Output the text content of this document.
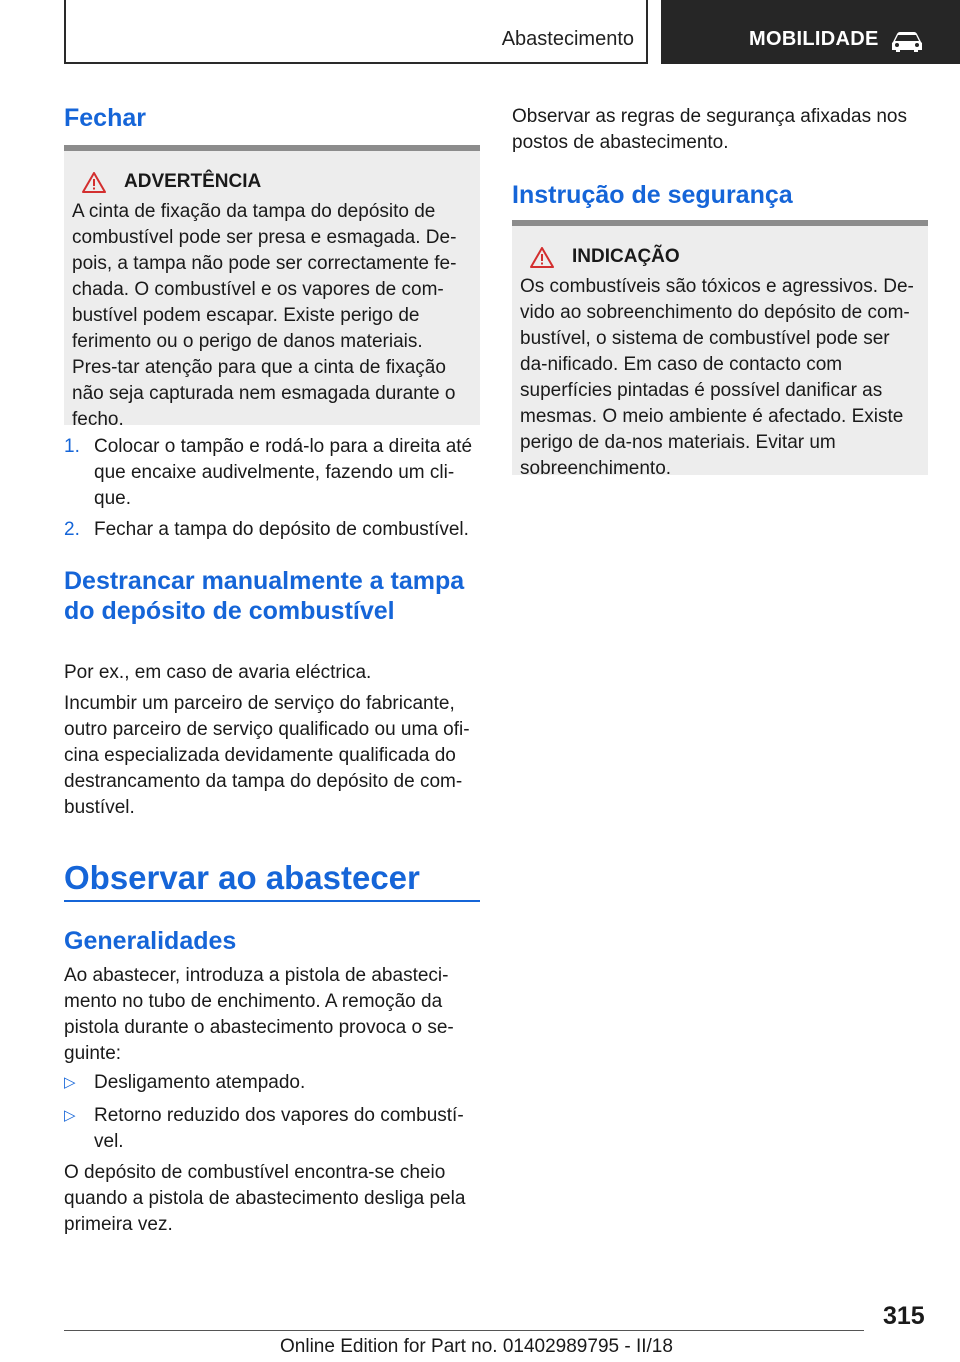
Abastecimento	MOBILIDADE
Fechar
ADVERTÊNCIA

A cinta de fixação da tampa do depósito de combustível pode ser presa e esmagada. De-pois, a tampa não pode ser correctamente fe-chada. O combustível e os vapores de com-bustível podem escapar. Existe perigo de ferimento ou o perigo de danos materiais. Pres-tar atenção para que a cinta de fixação não seja capturada nem esmagada durante o fecho.

1. Colocar o tampão e rodá-lo para a direita até que encaixe audivelmente, fazendo um cli-que.
2. Fechar a tampa do depósito de combustível.
Destrancar manualmente a tampa do depósito de combustível

Por ex., em caso de avaria eléctrica.

Incumbir um parceiro de serviço do fabricante, outro parceiro de serviço qualificado ou uma ofi-cina especializada devidamente qualificada do destrancamento da tampa do depósito de com-bustível.

Observar ao abastecer
Generalidades

Ao abastecer, introduza a pistola de abasteci-mento no tubo de enchimento. A remoção da pistola durante o abastecimento provoca o se-guinte:

▷ Desligamento atempado.
▷ Retorno reduzido dos vapores do combustí-vel.

O depósito de combustível encontra-se cheio quando a pistola de abastecimento desliga pela primeira vez.

Observar as regras de segurança afixadas nos postos de abastecimento.

Instrução de segurança
INDICAÇÃO

Os combustíveis são tóxicos e agressivos. De-vido ao sobreenchimento do depósito de com-bustível, o sistema de combustível pode ser da-nificado. Em caso de contacto com superfícies pintadas é possível danificar as mesmas. O meio ambiente é afectado. Existe perigo de da-nos materiais. Evitar um sobreenchimento.

315
Online Edition for Part no. 01402989795 - II/18
